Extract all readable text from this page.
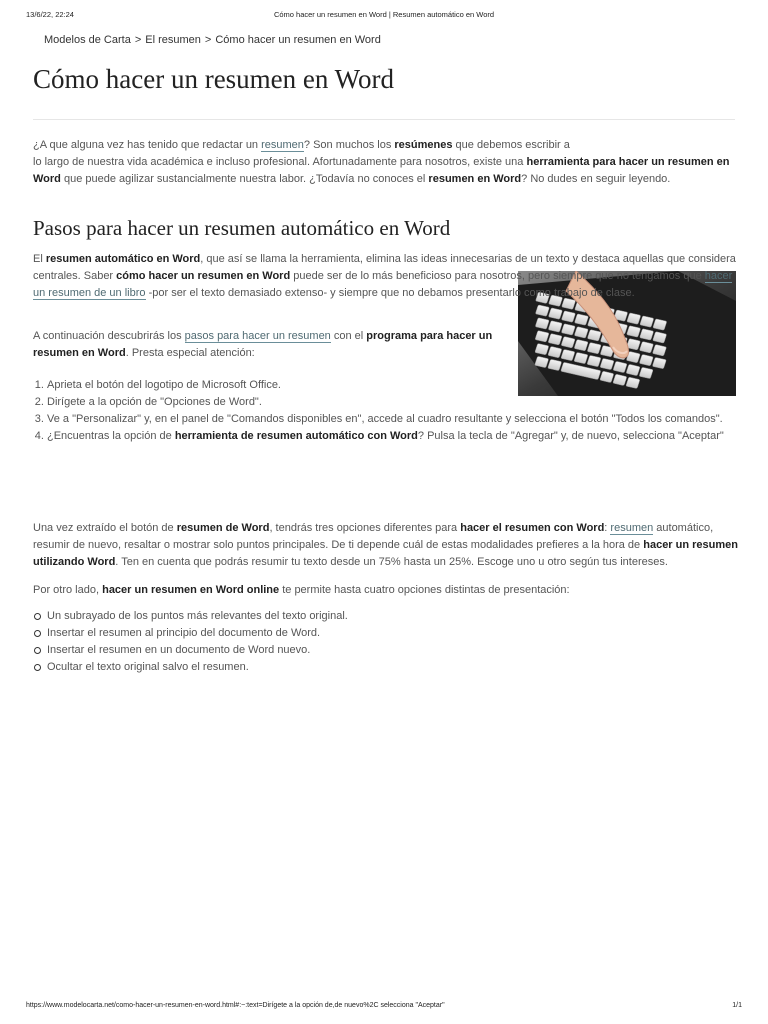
13/6/22, 22:24	Cómo hacer un resumen en Word | Resumen automático en Word
Modelos de Carta > El resumen > Cómo hacer un resumen en Word
Cómo hacer un resumen en Word
¿A que alguna vez has tenido que redactar un resumen? Son muchos los resúmenes que debemos escribir a
lo largo de nuestra vida académica e incluso profesional. Afortunadamente para nosotros, existe una herramienta para hacer un resumen en Word que puede agilizar sustancialmente nuestra labor. ¿Todavía no conoces el resumen en Word? No dudes en seguir leyendo.
Pasos para hacer un resumen automático en Word
El resumen automático en Word, que así se llama la herramienta, elimina las ideas innecesarias de un texto y destaca aquellas que considera centrales. Saber cómo hacer un resumen en Word puede ser de lo más beneficioso para nosotros, pero siempre que no tengamos que hacer un resumen de un libro -por ser el texto demasiado extenso- y siempre que no debamos presentarlo como trabajo de clase.
A continuación descubrirás los pasos para hacer un resumen con el programa para hacer un resumen en Word. Presta especial atención:
1. Aprieta el botón del logotipo de Microsoft Office.
2. Dirígete a la opción de "Opciones de Word".
3. Ve a "Personalizar" y, en el panel de "Comandos disponibles en", accede al cuadro resultante y selecciona el botón "Todos los comandos".
4. ¿Encuentras la opción de herramienta de resumen automático con Word? Pulsa la tecla de "Agregar" y, de nuevo, selecciona "Aceptar"
Una vez extraído el botón de resumen de Word, tendrás tres opciones diferentes para hacer el resumen con Word: resumen automático, resumir de nuevo, resaltar o mostrar solo puntos principales. De ti depende cuál de estas modalidades prefieres a la hora de hacer un resumen utilizando Word. Ten en cuenta que podrás resumir tu texto desde un 75% hasta un 25%. Escoge uno u otro según tus intereses.
Por otro lado, hacer un resumen en Word online te permite hasta cuatro opciones distintas de presentación:
Un subrayado de los puntos más relevantes del texto original.
Insertar el resumen al principio del documento de Word.
Insertar el resumen en un documento de Word nuevo.
Ocultar el texto original salvo el resumen.
https://www.modelocarta.net/como-hacer-un-resumen-en-word.html#:~:text=Dirígete a la opción de,de nuevo%2C selecciona "Aceptar"	1/1
